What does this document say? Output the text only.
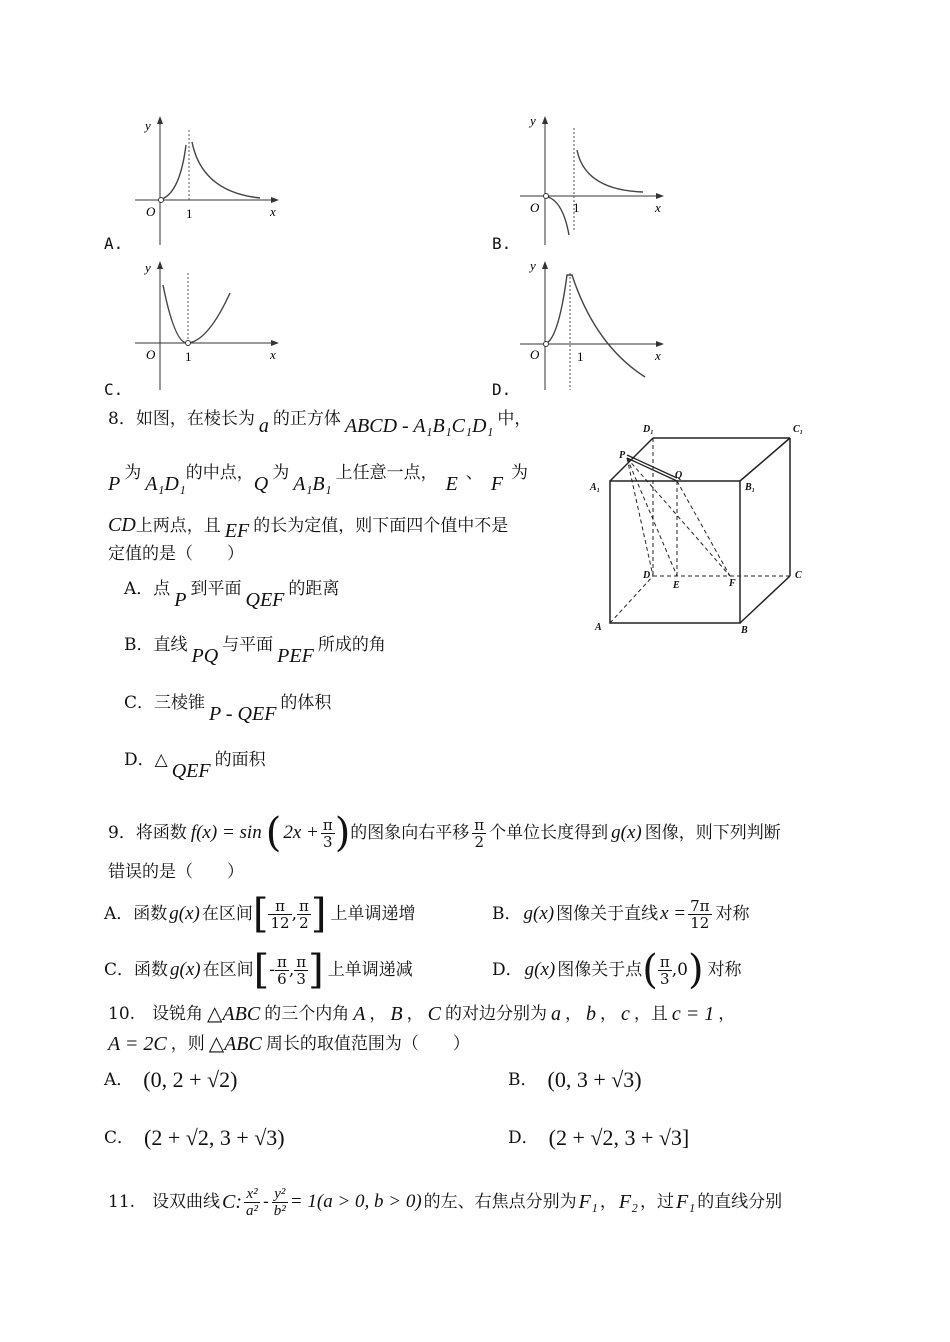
y
x
O 1
A.
y
x
O	1
B.
y
x
O 1
C.
y
x
O	1
D.
8．如图，在棱长为 a 的正方体 ABCD - A₁B₁C₁D₁ 中，
P 为 A₁D₁的中点，Q 为 A₁B₁ 上任意一点， E 、 F 为
CD上两点，且 EF 的长为定值，则下面四个值中不是
定值的是（　　）
A．点 P 到平面 QEF 的距离
B．直线 PQ 与平面 PEF 所成的角
C．三棱锥 P - QEF 的体积
D．△ QEF 的面积
D₁	C₁
A₁	B₁
P
Q
D
E	F
C
A	B
9．将函数 f(x) = sin ( $2x + \frac{\pi}{3}$ ) 的图象向右平移 $\frac{\pi}{2}$ 个单位长度得到 g(x) 图像，则下列判断
错误的是（　　）
A．函数 g(x) 在区间 [ $\frac{\pi}{12}$ , $\frac{\pi}{2}$ ] 上单调递增	B． g(x) 图像关于直线 $x = \frac{7\pi}{12}$ 对称
C．函数 g(x) 在区间 [ - $\frac{\pi}{6}$ , $\frac{\pi}{3}$ ] 上单调递减	D． g(x) 图像关于点 ( $\frac{\pi}{3} ,0$ ) 对称
10.　设锐角 △ABC 的三个内角 A ， B ， C 的对边分别为 a ， b ， c ，且 c = 1 ，
A = 2C ，则 △ABC 周长的取值范围为（　　）
A． (0, 2 + √2)	B． (0, 3 + √3)
C． (2 + √2, 3 + √3)	D． (2 + √2, 3 + √3]
11.　设双曲线 C: $\frac{\text{x²}}{\text{a²}} - \frac{\text{y²}}{\text{b²}} = 1(a > 0$, b > 0) 的左、右焦点分别为 F₁ ， F₂ ，过 F₁ 的直线分别
